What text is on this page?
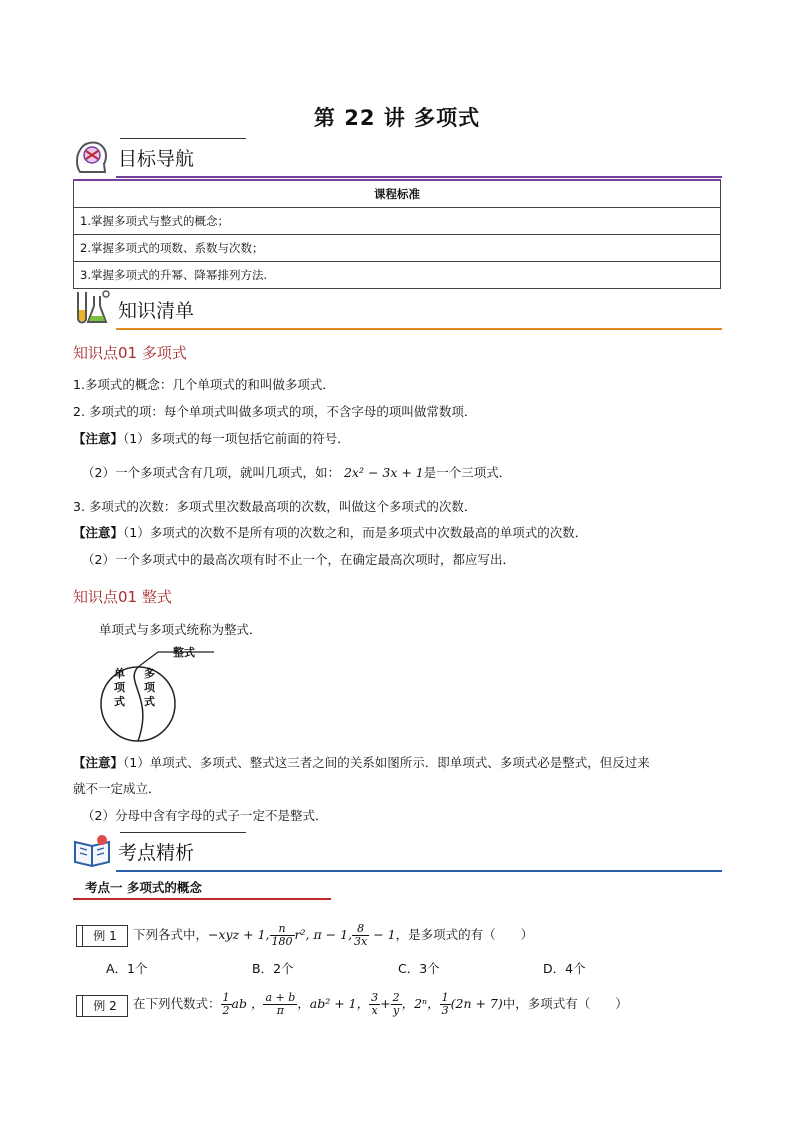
第 22 讲 多项式
目标导航
课程标准
1.掌握多项式与整式的概念；
2.掌握多项式的项数、系数与次数；
3.掌握多项式的升幂、降幂排列方法.
知识清单
知识点01 多项式
1.多项式的概念：几个单项式的和叫做多项式．
2. 多项式的项：每个单项式叫做多项式的项，不含字母的项叫做常数项．
【注意】（1）多项式的每一项包括它前面的符号．
（2）一个多项式含有几项，就叫几项式，如： 2x² − 3x + 1是一个三项式．
3. 多项式的次数：多项式里次数最高项的次数，叫做这个多项式的次数．
【注意】（1）多项式的次数不是所有项的次数之和，而是多项式中次数最高的单项式的次数．
（2）一个多项式中的最高次项有时不止一个，在确定最高次项时，都应写出．
知识点01 整式
单项式与多项式统称为整式．
整式
单项式
多项式
【注意】（1）单项式、多项式、整式这三者之间的关系如图所示．即单项式、多项式必是整式，但反过来
就不一定成立．
（2）分母中含有字母的式子一定不是整式．
考点精析
考点一 多项式的概念
例 1	下列各式中，−xyz + 1, $\frac{n}{180} r^2$, π − 1, $\frac{8}{3x} - 1$，是多项式的有（　　）
A．1个	B．2个	C．3个	D．4个
例 2	在下列代数式： $\frac{1}{2}$ ab ， $\frac{a + b}{\pi}$ ，ab² + 1， $\frac{3}{x} + \frac{2}{y}$ ，2ⁿ， $\frac{1}{3} (2n + 7)$中，多项式有（　　）
